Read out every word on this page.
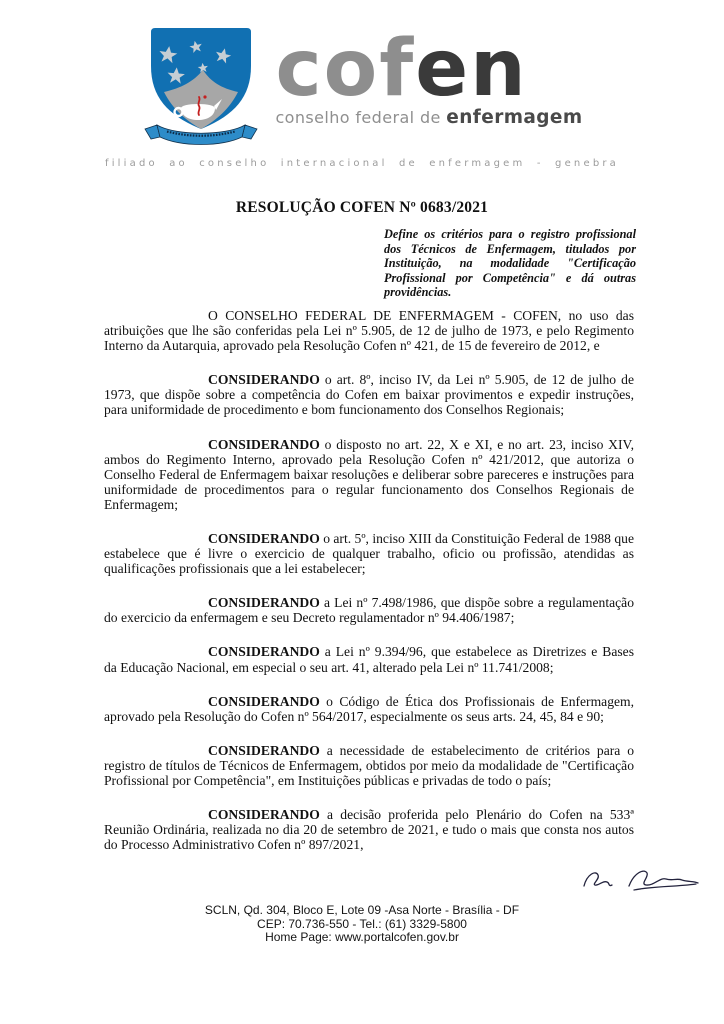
cofen
conselho federal de enfermagem
filiado ao conselho internacional de enfermagem - genebra
RESOLUÇÃO COFEN Nº 0683/2021
Define os critérios para o registro profissional dos Técnicos de Enfermagem, titulados por Instituição, na modalidade "Certificação Profissional por Competência" e dá outras providências.

O CONSELHO FEDERAL DE ENFERMAGEM - COFEN, no uso das atribuições que lhe são conferidas pela Lei nº 5.905, de 12 de julho de 1973, e pelo Regimento Interno da Autarquia, aprovado pela Resolução Cofen nº 421, de 15 de fevereiro de 2012, e

CONSIDERANDO o art. 8º, inciso IV, da Lei nº 5.905, de 12 de julho de 1973, que dispõe sobre a competência do Cofen em baixar provimentos e expedir instruções, para uniformidade de procedimento e bom funcionamento dos Conselhos Regionais;

CONSIDERANDO o disposto no art. 22, X e XI, e no art. 23, inciso XIV, ambos do Regimento Interno, aprovado pela Resolução Cofen nº 421/2012, que autoriza o Conselho Federal de Enfermagem baixar resoluções e deliberar sobre pareceres e instruções para uniformidade de procedimentos para o regular funcionamento dos Conselhos Regionais de Enfermagem;

CONSIDERANDO o art. 5º, inciso XIII da Constituição Federal de 1988 que estabelece que é livre o exercicio de qualquer trabalho, oficio ou profissão, atendidas as qualificações profissionais que a lei estabelecer;

CONSIDERANDO a Lei nº 7.498/1986, que dispõe sobre a regulamentação do exercicio da enfermagem e seu Decreto regulamentador nº 94.406/1987;

CONSIDERANDO a Lei nº 9.394/96, que estabelece as Diretrizes e Bases da Educação Nacional, em especial o seu art. 41, alterado pela Lei nº 11.741/2008;

CONSIDERANDO o Código de Ética dos Profissionais de Enfermagem, aprovado pela Resolução do Cofen nº 564/2017, especialmente os seus arts. 24, 45, 84 e 90;

CONSIDERANDO a necessidade de estabelecimento de critérios para o registro de títulos de Técnicos de Enfermagem, obtidos por meio da modalidade de "Certificação Profissional por Competência", em Instituições públicas e privadas de todo o país;

CONSIDERANDO a decisão proferida pelo Plenário do Cofen na 533ª Reunião Ordinária, realizada no dia 20 de setembro de 2021, e tudo o mais que consta nos autos do Processo Administrativo Cofen nº 897/2021,

SCLN, Qd. 304, Bloco E, Lote 09 -Asa Norte - Brasília - DF
CEP: 70.736-550 - Tel.: (61) 3329-5800
Home Page: www.portalcofen.gov.br
